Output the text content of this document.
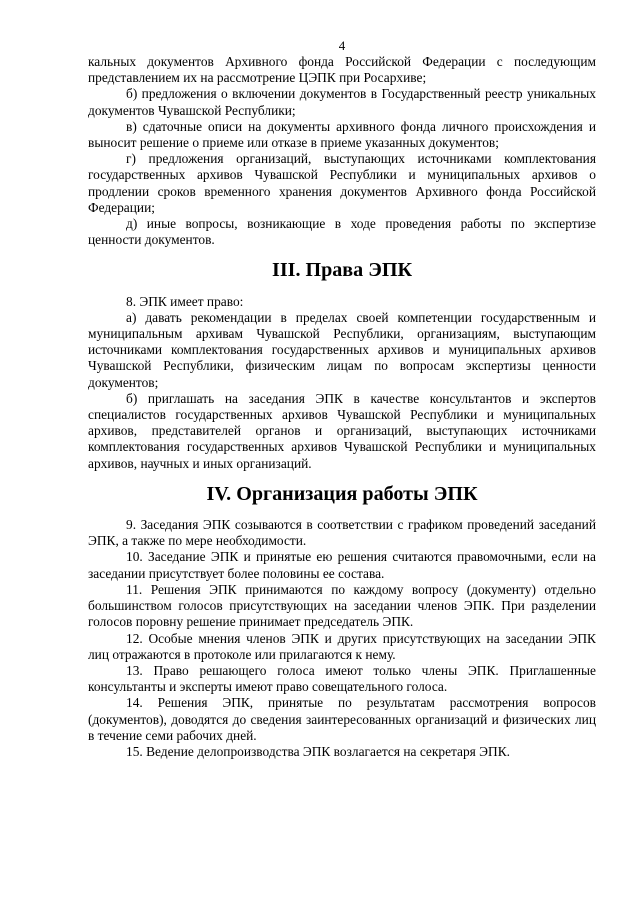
4

кальных документов Архивного фонда Российской Федерации с последующим представлением их на рассмотрение ЦЭПК при Росархиве;

б) предложения о включении документов в Государственный реестр уникальных документов Чувашской Республики;

в) сдаточные описи на документы архивного фонда личного происхождения и выносит решение о приеме или отказе в приеме указанных документов;

г) предложения организаций, выступающих источниками комплектования государственных архивов Чувашской Республики и муниципальных архивов о продлении сроков временного хранения документов Архивного фонда Российской Федерации;

д) иные вопросы, возникающие в ходе проведения работы по экспертизе ценности документов.

III. Права ЭПК

8. ЭПК имеет право:

а) давать рекомендации в пределах своей компетенции государственным и муниципальным архивам Чувашской Республики, организациям, выступающим источниками комплектования государственных архивов и муниципальных архивов Чувашской Республики, физическим лицам по вопросам экспертизы ценности документов;

б) приглашать на заседания ЭПК в качестве консультантов и экспертов специалистов государственных архивов Чувашской Республики и муниципальных архивов, представителей органов и организаций, выступающих источниками комплектования государственных архивов Чувашской Республики и муниципальных архивов, научных и иных организаций.

IV. Организация работы ЭПК

9. Заседания ЭПК созываются в соответствии с графиком проведений заседаний ЭПК, а также по мере необходимости.

10. Заседание ЭПК и принятые ею решения считаются правомочными, если на заседании присутствует более половины ее состава.

11. Решения ЭПК принимаются по каждому вопросу (документу) отдельно большинством голосов присутствующих на заседании членов ЭПК. При разделении голосов поровну решение принимает председатель ЭПК.

12. Особые мнения членов ЭПК и других присутствующих на заседании ЭПК лиц отражаются в протоколе или прилагаются к нему.

13. Право решающего голоса имеют только члены ЭПК. Приглашенные консультанты и эксперты имеют право совещательного голоса.

14. Решения ЭПК, принятые по результатам рассмотрения вопросов (документов), доводятся до сведения заинтересованных организаций и физических лиц в течение семи рабочих дней.

15. Ведение делопроизводства ЭПК возлагается на секретаря ЭПК.
